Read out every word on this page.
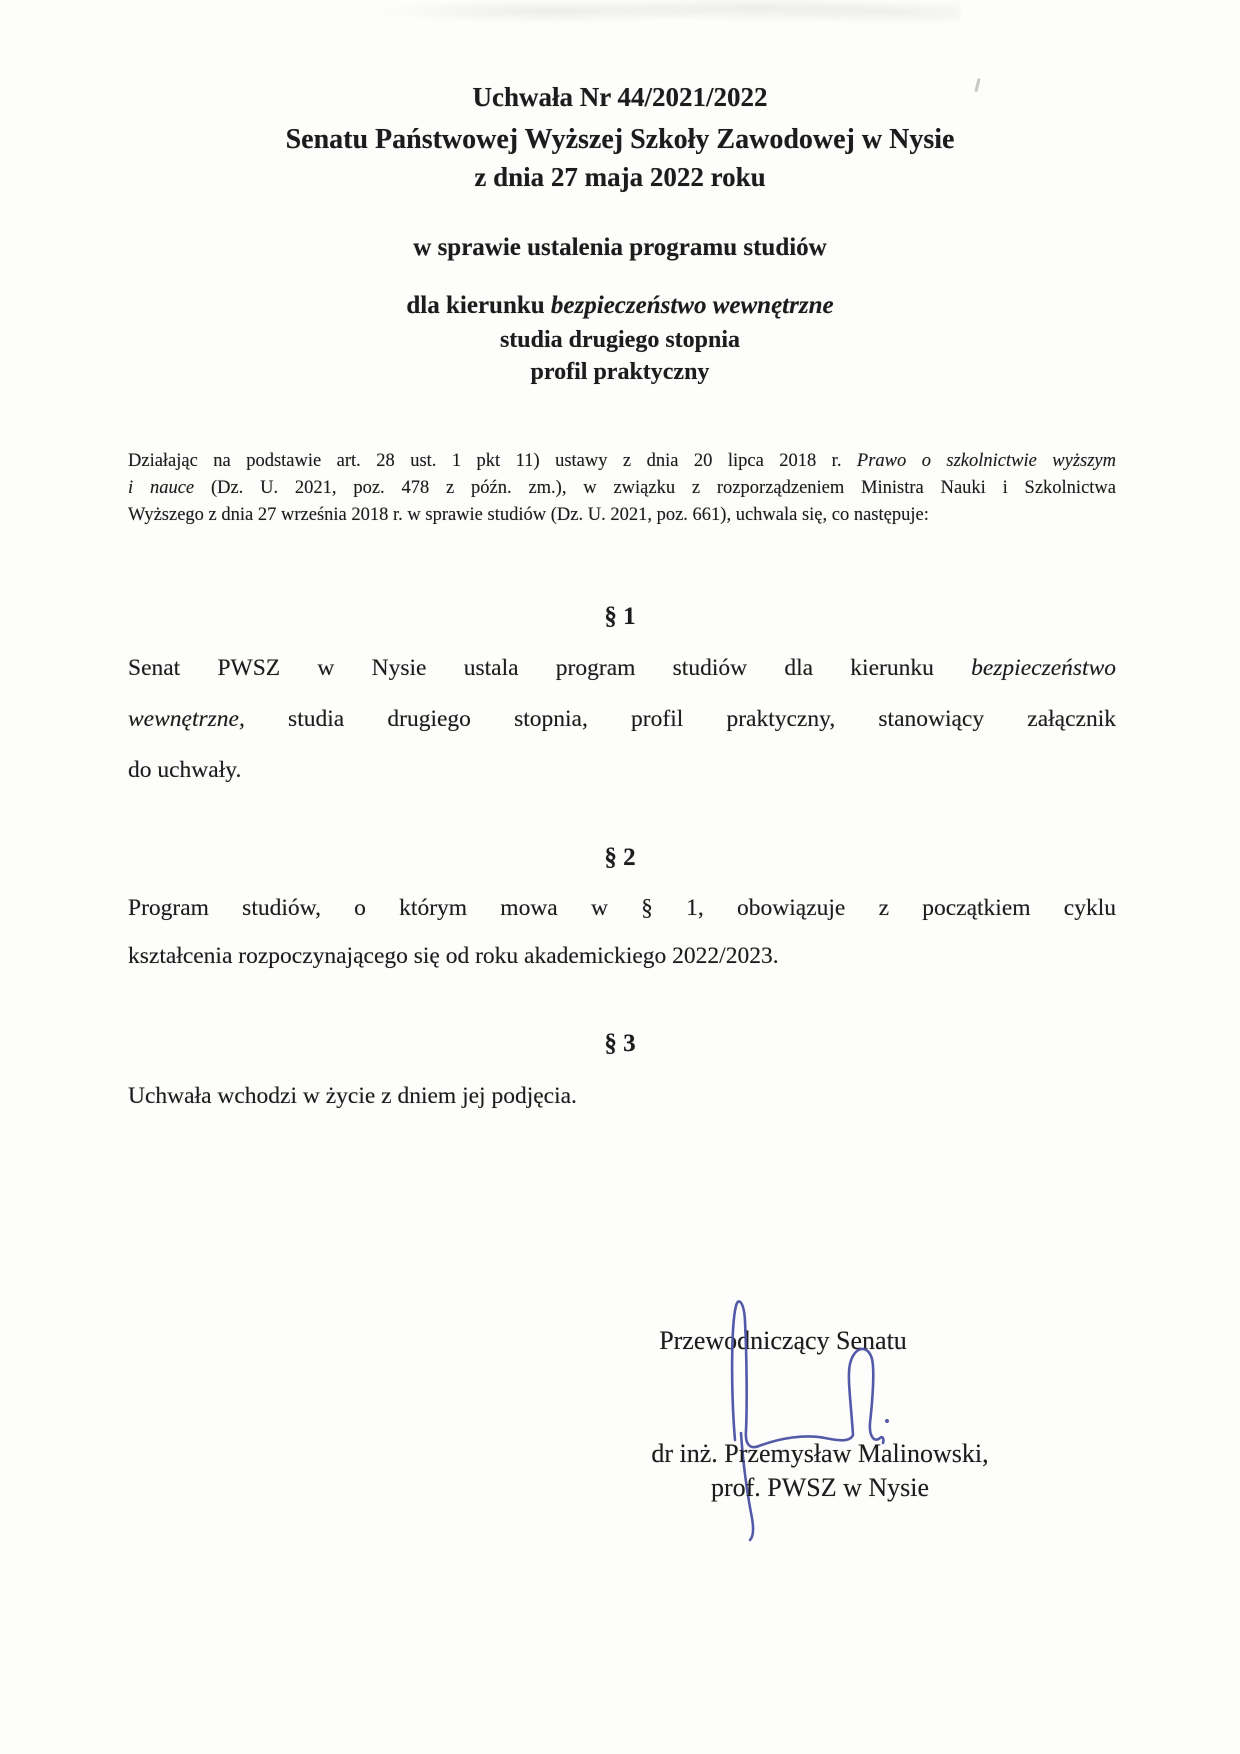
Uchwała Nr 44/2021/2022
Senatu Państwowej Wyższej Szkoły Zawodowej w Nysie
z dnia 27 maja 2022 roku
w sprawie ustalenia programu studiów
dla kierunku bezpieczeństwo wewnętrzne
studia drugiego stopnia
profil praktyczny
Działając na podstawie art. 28 ust. 1 pkt 11) ustawy z dnia 20 lipca 2018 r. Prawo o szkolnictwie wyższym
i nauce (Dz. U. 2021, poz. 478 z późn. zm.), w związku z rozporządzeniem Ministra Nauki i Szkolnictwa
Wyższego z dnia 27 września 2018 r. w sprawie studiów (Dz. U. 2021, poz. 661), uchwala się, co następuje:
§ 1
Senat PWSZ w Nysie ustala program studiów dla kierunku bezpieczeństwo
wewnętrzne, studia drugiego stopnia, profil praktyczny, stanowiący załącznik
do uchwały.
§ 2
Program studiów, o którym mowa w § 1, obowiązuje z początkiem cyklu
kształcenia rozpoczynającego się od roku akademickiego 2022/2023.
§ 3
Uchwała wchodzi w życie z dniem jej podjęcia.
Przewodniczący Senatu
dr inż. Przemysław Malinowski,
prof. PWSZ w Nysie
